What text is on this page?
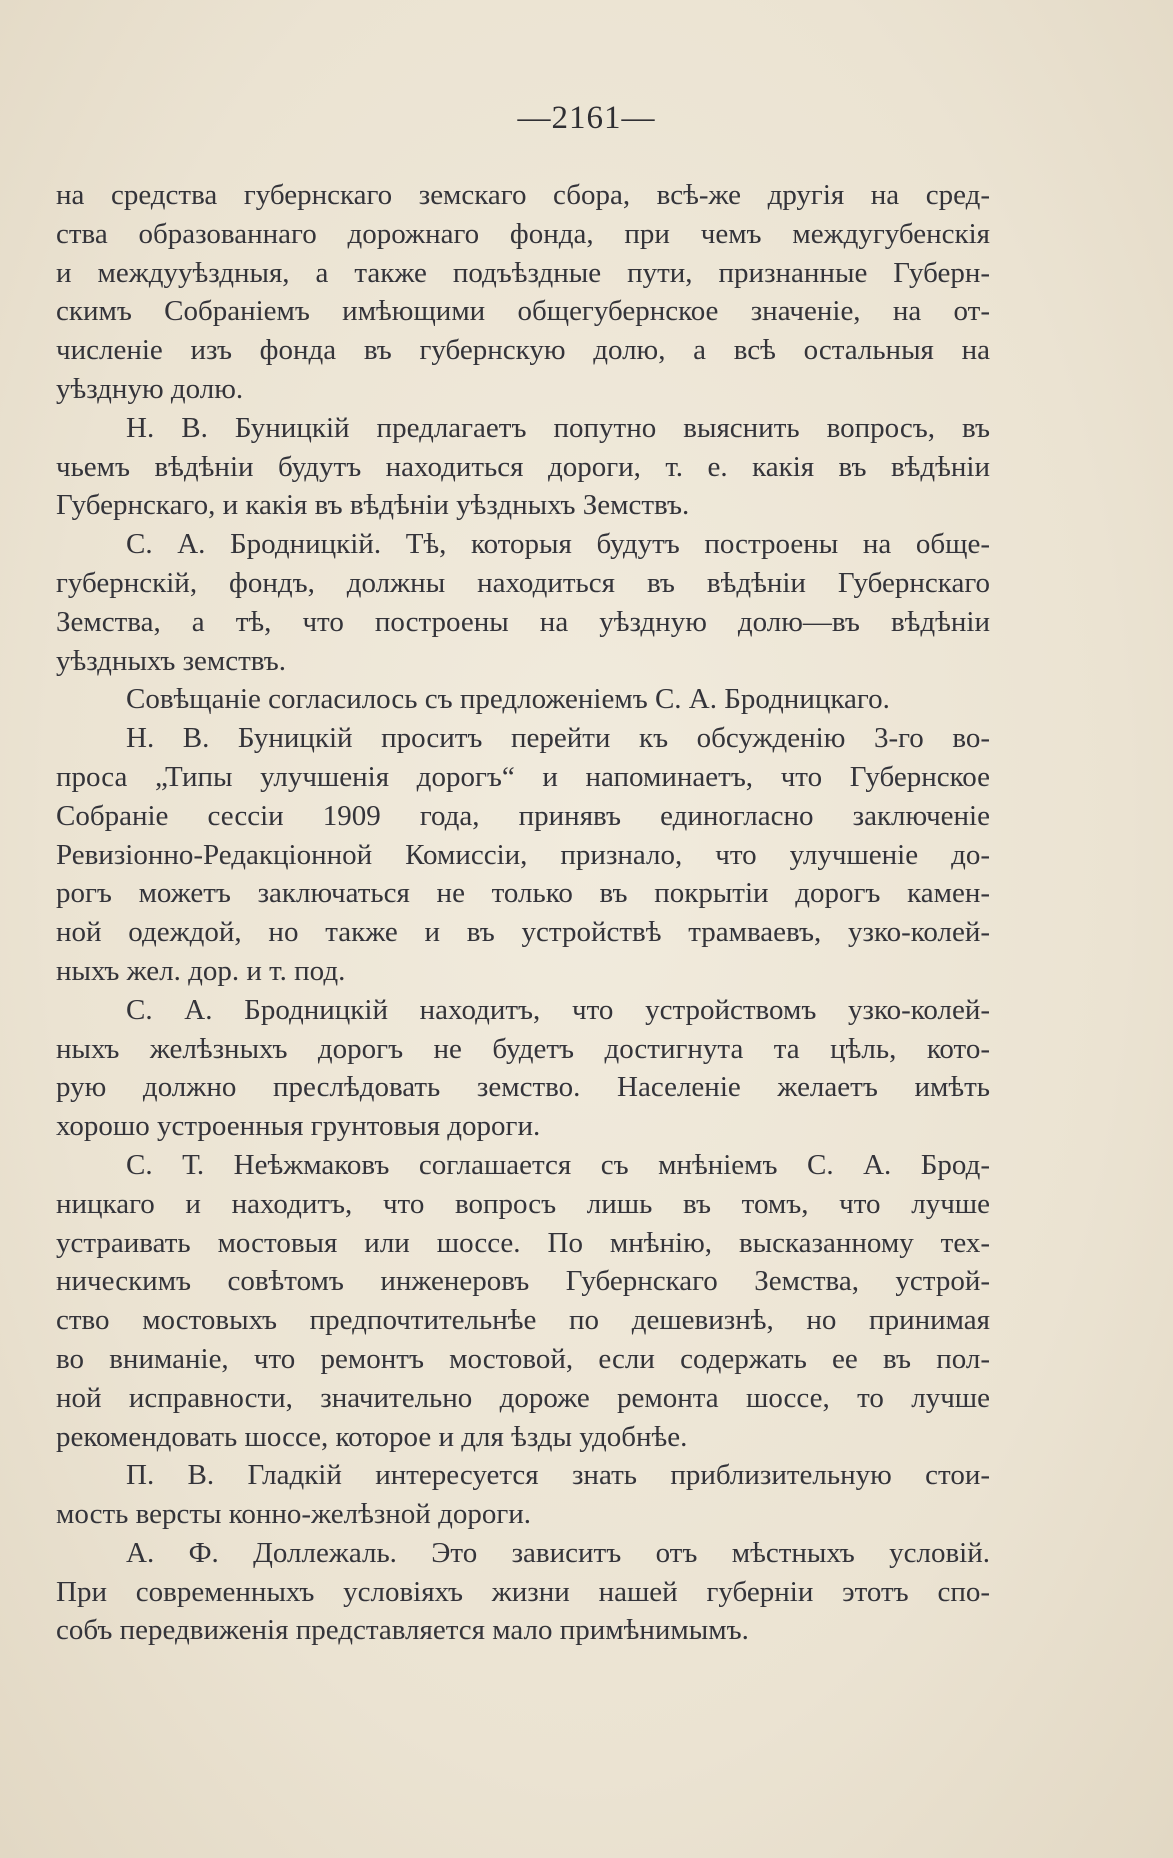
—2161—
на средства губернскаго земскаго сбора, всѣ-же другія на сред-
ства образованнаго дорожнаго фонда, при чемъ междугубенскія
и междууѣздныя, а также подъѣздные пути, признанные Губерн-
скимъ Собраніемъ имѣющими общегубернское значеніе, на от-
численіе изъ фонда въ губернскую долю, а всѣ остальныя на
уѣздную долю.
Н. В. Буницкій предлагаетъ попутно выяснить вопросъ, въ
чьемъ вѣдѣніи будутъ находиться дороги, т. е. какія въ вѣдѣніи
Губернскаго, и какія въ вѣдѣніи уѣздныхъ Земствъ.
С. А. Бродницкій. Тѣ, которыя будутъ построены на обще-
губернскій, фондъ, должны находиться въ вѣдѣніи Губернскаго
Земства, а тѣ, что построены на уѣздную долю—въ вѣдѣніи
уѣздныхъ земствъ.
Совѣщаніе согласилось съ предложеніемъ С. А. Бродницкаго.
Н. В. Буницкій проситъ перейти къ обсужденію 3-го во-
проса „Типы улучшенія дорогъ“ и напоминаетъ, что Губернское
Собраніе сессіи 1909 года, принявъ единогласно заключеніе
Ревизіонно-Редакціонной Комиссіи, признало, что улучшеніе до-
рогъ можетъ заключаться не только въ покрытіи дорогъ камен-
ной одеждой, но также и въ устройствѣ трамваевъ, узко-колей-
ныхъ жел. дор. и т. под.
С. А. Бродницкій находитъ, что устройствомъ узко-колей-
ныхъ желѣзныхъ дорогъ не будетъ достигнута та цѣль, кото-
рую должно преслѣдовать земство. Населеніе желаетъ имѣть
хорошо устроенныя грунтовыя дороги.
С. Т. Неѣжмаковъ соглашается съ мнѣніемъ С. А. Брод-
ницкаго и находитъ, что вопросъ лишь въ томъ, что лучше
устраивать мостовыя или шоссе. По мнѣнію, высказанному тех-
ническимъ совѣтомъ инженеровъ Губернскаго Земства, устрой-
ство мостовыхъ предпочтительнѣе по дешевизнѣ, но принимая
во вниманіе, что ремонтъ мостовой, если содержать ее въ пол-
ной исправности, значительно дороже ремонта шоссе, то лучше
рекомендовать шоссе, которое и для ѣзды удобнѣе.
П. В. Гладкій интересуется знать приблизительную стои-
мость версты конно-желѣзной дороги.
А. Ф. Доллежаль. Это зависитъ отъ мѣстныхъ условій.
При современныхъ условіяхъ жизни нашей губерніи этотъ спо-
собъ передвиженія представляется мало примѣнимымъ.
